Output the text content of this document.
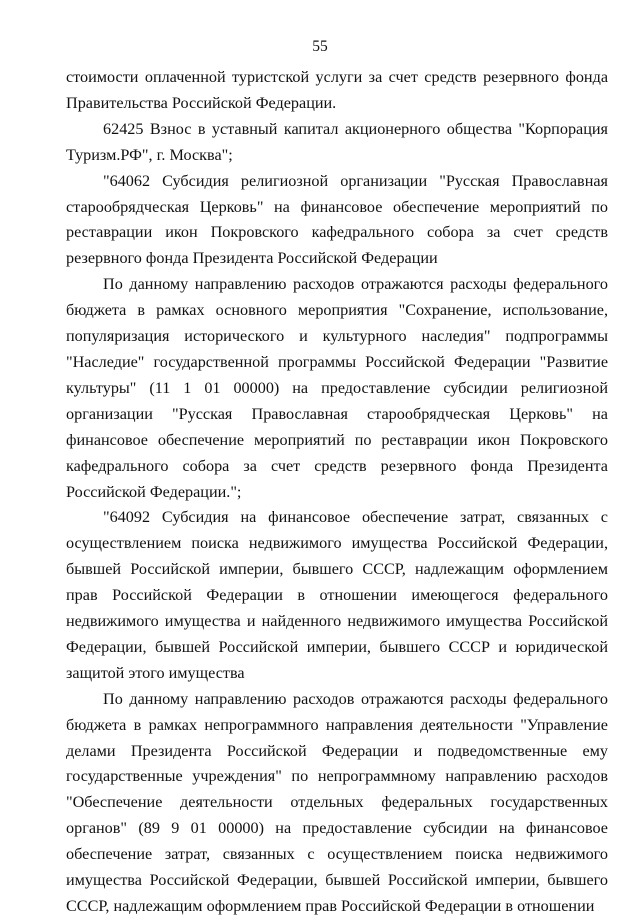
55

стоимости оплаченной туристской услуги за счет средств резервного фонда Правительства Российской Федерации.

62425 Взнос в уставный капитал акционерного общества "Корпорация Туризм.РФ", г. Москва";

"64062 Субсидия религиозной организации "Русская Православная старообрядческая Церковь" на финансовое обеспечение мероприятий по реставрации икон Покровского кафедрального собора за счет средств резервного фонда Президента Российской Федерации

По данному направлению расходов отражаются расходы федерального бюджета в рамках основного мероприятия "Сохранение, использование, популяризация исторического и культурного наследия" подпрограммы "Наследие" государственной программы Российской Федерации "Развитие культуры" (11 1 01 00000) на предоставление субсидии религиозной организации "Русская Православная старообрядческая Церковь" на финансовое обеспечение мероприятий по реставрации икон Покровского кафедрального собора за счет средств резервного фонда Президента Российской Федерации.";

"64092 Субсидия на финансовое обеспечение затрат, связанных с осуществлением поиска недвижимого имущества Российской Федерации, бывшей Российской империи, бывшего СССР, надлежащим оформлением прав Российской Федерации в отношении имеющегося федерального недвижимого имущества и найденного недвижимого имущества Российской Федерации, бывшей Российской империи, бывшего СССР и юридической защитой этого имущества

По данному направлению расходов отражаются расходы федерального бюджета в рамках непрограммного направления деятельности "Управление делами Президента Российской Федерации и подведомственные ему государственные учреждения" по непрограммному направлению расходов "Обеспечение деятельности отдельных федеральных государственных органов" (89 9 01 00000) на предоставление субсидии на финансовое обеспечение затрат, связанных с осуществлением поиска недвижимого имущества Российской Федерации, бывшей Российской империи, бывшего СССР, надлежащим оформлением прав Российской Федерации в отношении
